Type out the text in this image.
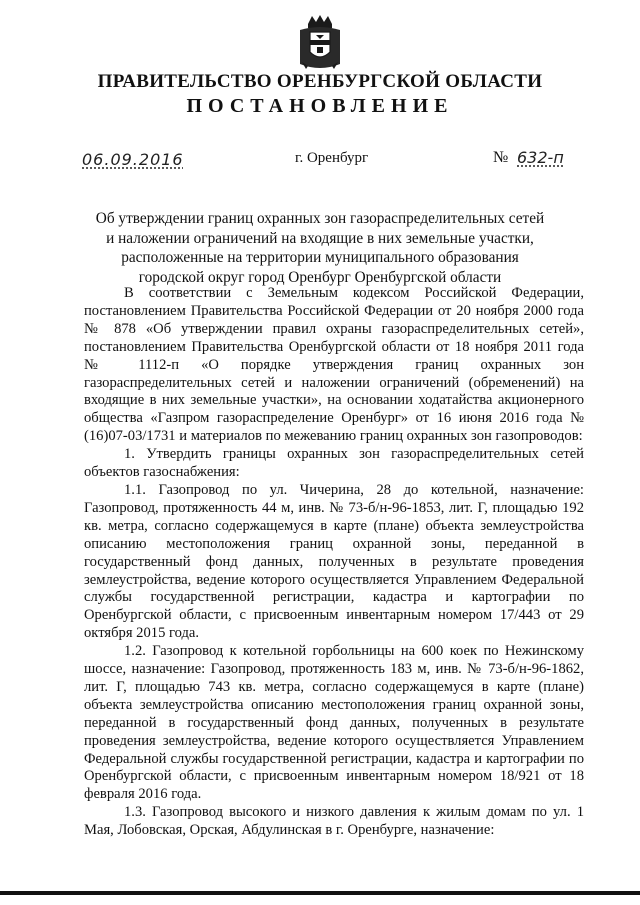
ПРАВИТЕЛЬСТВО ОРЕНБУРГСКОЙ ОБЛАСТИ
ПОСТАНОВЛЕНИЕ
06.09.2016	г. Оренбург	№ 632-п
Об утверждении границ охранных зон газораспределительных сетей
и наложении ограничений на входящие в них земельные участки,
расположенные на территории муниципального образования
городской округ город Оренбург Оренбургской области

В соответствии с Земельным кодексом Российской Федерации, постановлением Правительства Российской Федерации от 20 ноября 2000 года № 878 «Об утверждении правил охраны газораспределительных сетей», постановлением Правительства Оренбургской области от 18 ноября 2011 года № 1112-п «О порядке утверждения границ охранных зон газораспределительных сетей и наложении ограничений (обременений) на входящие в них земельные участки», на основании ходатайства акционерного общества «Газпром газораспределение Оренбург» от 16 июня 2016 года № (16)07-03/1731 и материалов по межеванию границ охранных зон газопроводов:

1. Утвердить границы охранных зон газораспределительных сетей объектов газоснабжения:

1.1. Газопровод по ул. Чичерина, 28 до котельной, назначение: Газопровод, протяженность 44 м, инв. № 73-б/н-96-1853, лит. Г, площадью 192 кв. метра, согласно содержащемуся в карте (плане) объекта землеустройства описанию местоположения границ охранной зоны, переданной в государственный фонд данных, полученных в результате проведения землеустройства, ведение которого осуществляется Управлением Федеральной службы государственной регистрации, кадастра и картографии по Оренбургской области, с присвоенным инвентарным номером 17/443 от 29 октября 2015 года.

1.2. Газопровод к котельной горбольницы на 600 коек по Нежинскому шоссе, назначение: Газопровод, протяженность 183 м, инв. № 73-б/н-96-1862, лит. Г, площадью 743 кв. метра, согласно содержащемуся в карте (плане) объекта землеустройства описанию местоположения границ охранной зоны, переданной в государственный фонд данных, полученных в результате проведения землеустройства, ведение которого осуществляется Управлением Федеральной службы государственной регистрации, кадастра и картографии по Оренбургской области, с присвоенным инвентарным номером 18/921 от 18 февраля 2016 года.

1.3. Газопровод высокого и низкого давления к жилым домам по ул. 1 Мая, Лобовская, Орская, Абдулинская в г. Оренбурге, назначение:
